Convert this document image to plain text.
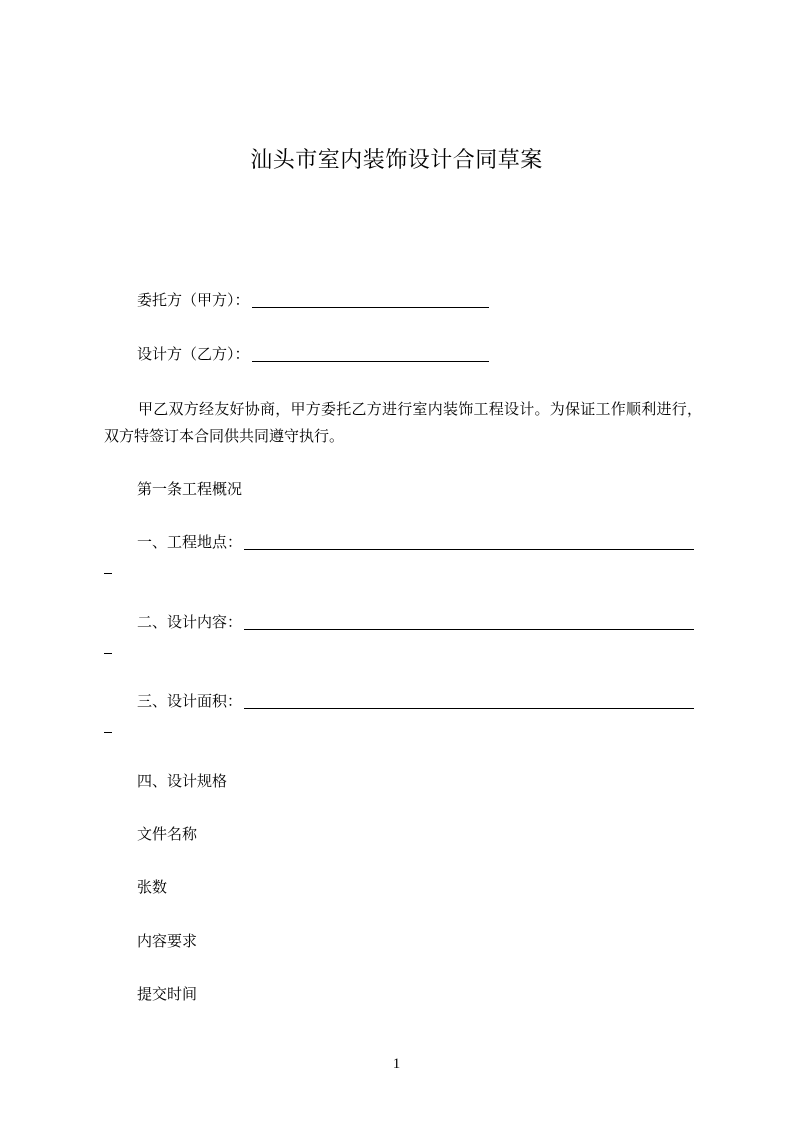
汕头市室内装饰设计合同草案
委托方（甲方）：
设计方（乙方）：
甲乙双方经友好协商，甲方委托乙方进行室内装饰工程设计。为保证工作顺利进行，双方特签订本合同供共同遵守执行。
第一条工程概况
一、工程地点：
二、设计内容：
三、设计面积：
四、设计规格
文件名称
张数
内容要求
提交时间
1
